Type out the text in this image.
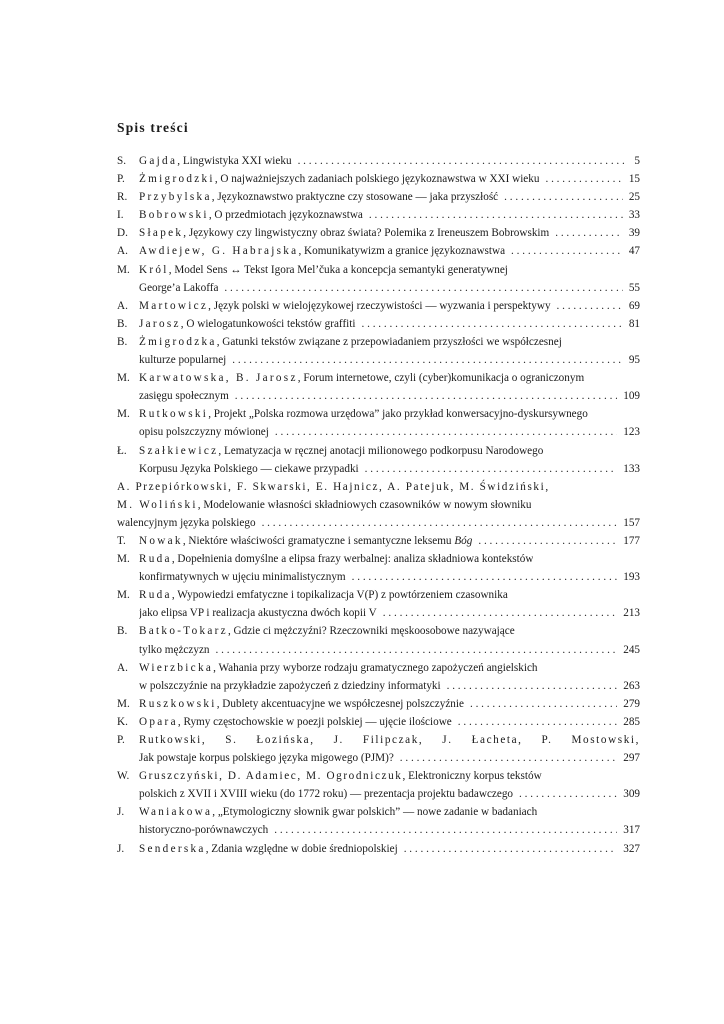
Spis treści
S.	Gajda, Lingwistyka XXI wieku . . .	5
P.	Żmigrodzki, O najważniejszych zadaniach polskiego językoznawstwa w XXI wieku . . .	15
R.	Przybylska, Językoznawstwo praktyczne czy stosowane — jaka przyszłość . . .	25
I.	Bobrowski, O przedmiotach językoznawstwa . . .	33
D. Słapek, Językowy czy lingwistyczny obraz świata? Polemika z Ireneuszem Bobrowskim . . .	39
A. Awdiejew, G. Habrajska, Komunikatywizm a granice językoznawstwa . . .	47
M. Król, Model Sens ↔ Tekst Igora Mel’čuka a koncepcja semantyki generatywnej
George’a Lakoffa . . .	55
A. Martowicz, Język polski w wielojęzykowej rzeczywistości — wyzwania i perspektywy . . .	69
B.	Jarosz, O wielogatunkowości tekstów graffiti . . .	81
B.	Żmigrodzka, Gatunki tekstów związane z przepowiadaniem przyszłości we współczesnej
kulturze popularnej . . .	95
M. Karwatowska, B. Jarosz, Forum internetowe, czyli (cyber)komunikacja o ograniczonym
zasięgu społecznym . . .	109
M. Rutkowski, Projekt „Polska rozmowa urzędowa” jako przykład konwersacyjno-dyskursywnego
opisu polszczyzny mówionej . . .	123
Ł.	Szałkiewicz, Lematyzacja w ręcznej anotacji milionowego podkorpusu Narodowego
Korpusu Języka Polskiego — ciekawe przypadki . . .	133
A. Przepiórkowski, F. Skwarski, E. Hajnicz, A. Patejuk, M. Świdziński,
M. Woliński, Modelowanie własności składniowych czasowników w nowym słowniku
walencyjnym języka polskiego . . .	157
T.	Nowak, Niektóre właściwości gramatyczne i semantyczne leksemu Bóg . . .	177
M. Ruda, Dopełnienia domyślne a elipsa frazy werbalnej: analiza składniowa kontekstów
konfirmatywnych w ujęciu minimalistycznym . . .	193
M. Ruda, Wypowiedzi emfatyczne i topikalizacja V(P) z powtórzeniem czasownika
jako elipsa VP i realizacja akustyczna dwóch kopii V . . .	213
B.	Batko-Tokarz, Gdzie ci mężczyźni? Rzeczowniki męskoosobowe nazywające
tylko mężczyzn . . .	245
A. Wierzbicka, Wahania przy wyborze rodzaju gramatycznego zapożyczeń angielskich
w polszczyźnie na przykładzie zapożyczeń z dziedziny informatyki . . .	263
M. Ruszkowski, Dublety akcentuacyjne we współczesnej polszczyźnie . . .	279
K. Opara, Rymy częstochowskie w poezji polskiej — ujęcie ilościowe . . .	285
P.	Rutkowski, S. Łozińska, J. Filipczak, J. Łacheta, P. Mostowski,
Jak powstaje korpus polskiego języka migowego (PJM)? . . .	297
W. Gruszczyński, D. Adamiec, M. Ogrodniczuk, Elektroniczny korpus tekstów
polskich z XVII i XVIII wieku (do 1772 roku) — prezentacja projektu badawczego . . .	309
J.	Waniakowa, „Etymologiczny słownik gwar polskich” — nowe zadanie w badaniach
historyczno-porównawczych . . .	317
J.	Senderska, Zdania względne w dobie średniopolskiej . . .	327
